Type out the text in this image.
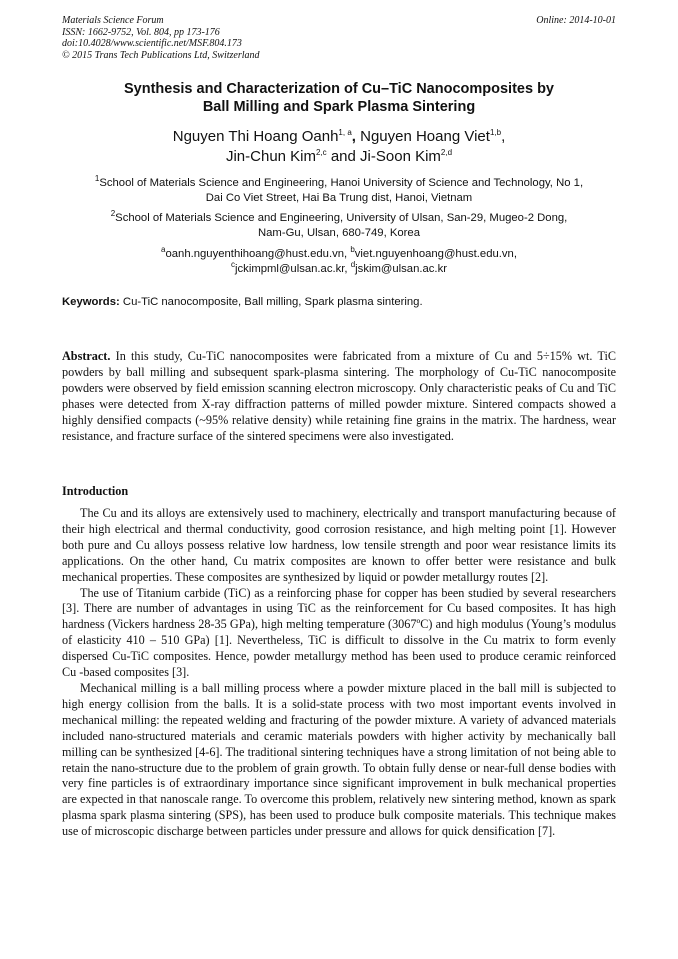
Materials Science Forum
ISSN: 1662-9752, Vol. 804, pp 173-176
doi:10.4028/www.scientific.net/MSF.804.173
© 2015 Trans Tech Publications Ltd, Switzerland
Online: 2014-10-01
Synthesis and Characterization of Cu–TiC Nanocomposites by
Ball Milling and Spark Plasma Sintering
Nguyen Thi Hoang Oanh$^{1, a}$, Nguyen Hoang Viet$^{1,b}$,
Jin-Chun Kim$^{2,c}$ and Ji-Soon Kim$^{2,d}$
$^1$School of Materials Science and Engineering, Hanoi University of Science and Technology, No 1,
Dai Co Viet Street, Hai Ba Trung dist, Hanoi, Vietnam
$^2$School of Materials Science and Engineering, University of Ulsan, San-29, Mugeo-2 Dong,
Nam-Gu, Ulsan, 680-749, Korea
$^a$oanh.nguyenthihoang@hust.edu.vn, $^b$viet.nguyenhoang@hust.edu.vn,
$^c$jckimpml@ulsan.ac.kr, $^d$jskim@ulsan.ac.kr
Keywords: Cu-TiC nanocomposite, Ball milling, Spark plasma sintering.
Abstract. In this study, Cu-TiC nanocomposites were fabricated from a mixture of Cu and 5÷15% wt. TiC powders by ball milling and subsequent spark-plasma sintering. The morphology of Cu-TiC nanocomposite powders were observed by field emission scanning electron microscopy. Only characteristic peaks of Cu and TiC phases were detected from X-ray diffraction patterns of milled powder mixture. Sintered compacts showed a highly densified compacts (~95% relative density) while retaining fine grains in the matrix. The hardness, wear resistance, and fracture surface of the sintered specimens were also investigated.
Introduction

The Cu and its alloys are extensively used to machinery, electrically and transport manufacturing because of their high electrical and thermal conductivity, good corrosion resistance, and high melting point [1]. However both pure and Cu alloys possess relative low hardness, low tensile strength and poor wear resistance limits its applications. On the other hand, Cu matrix composites are known to offer better were resistance and bulk mechanical properties. These composites are synthesized by liquid or powder metallurgy routes [2].

The use of Titanium carbide (TiC) as a reinforcing phase for copper has been studied by several researchers [3]. There are number of advantages in using TiC as the reinforcement for Cu based composites. It has high hardness (Vickers hardness 28-35 GPa), high melting temperature (3067ºC) and high modulus (Young’s modulus of elasticity 410 – 510 GPa) [1]. Nevertheless, TiC is difficult to dissolve in the Cu matrix to form evenly dispersed Cu-TiC composites. Hence, powder metallurgy method has been used to produce ceramic reinforced Cu -based composites [3].

Mechanical milling is a ball milling process where a powder mixture placed in the ball mill is subjected to high energy collision from the balls. It is a solid-state process with two most important events involved in mechanical milling: the repeated welding and fracturing of the powder mixture. A variety of advanced materials included nano-structured materials and ceramic materials powders with higher activity by mechanically ball milling can be synthesized [4-6]. The traditional sintering techniques have a strong limitation of not being able to retain the nano-structure due to the problem of grain growth. To obtain fully dense or near-full dense bodies with very fine particles is of extraordinary importance since significant improvement in bulk mechanical properties are expected in that nanoscale range. To overcome this problem, relatively new sintering method, known as spark plasma spark plasma sintering (SPS), has been used to produce bulk composite materials. This technique makes use of microscopic discharge between particles under pressure and allows for quick densification [7].
